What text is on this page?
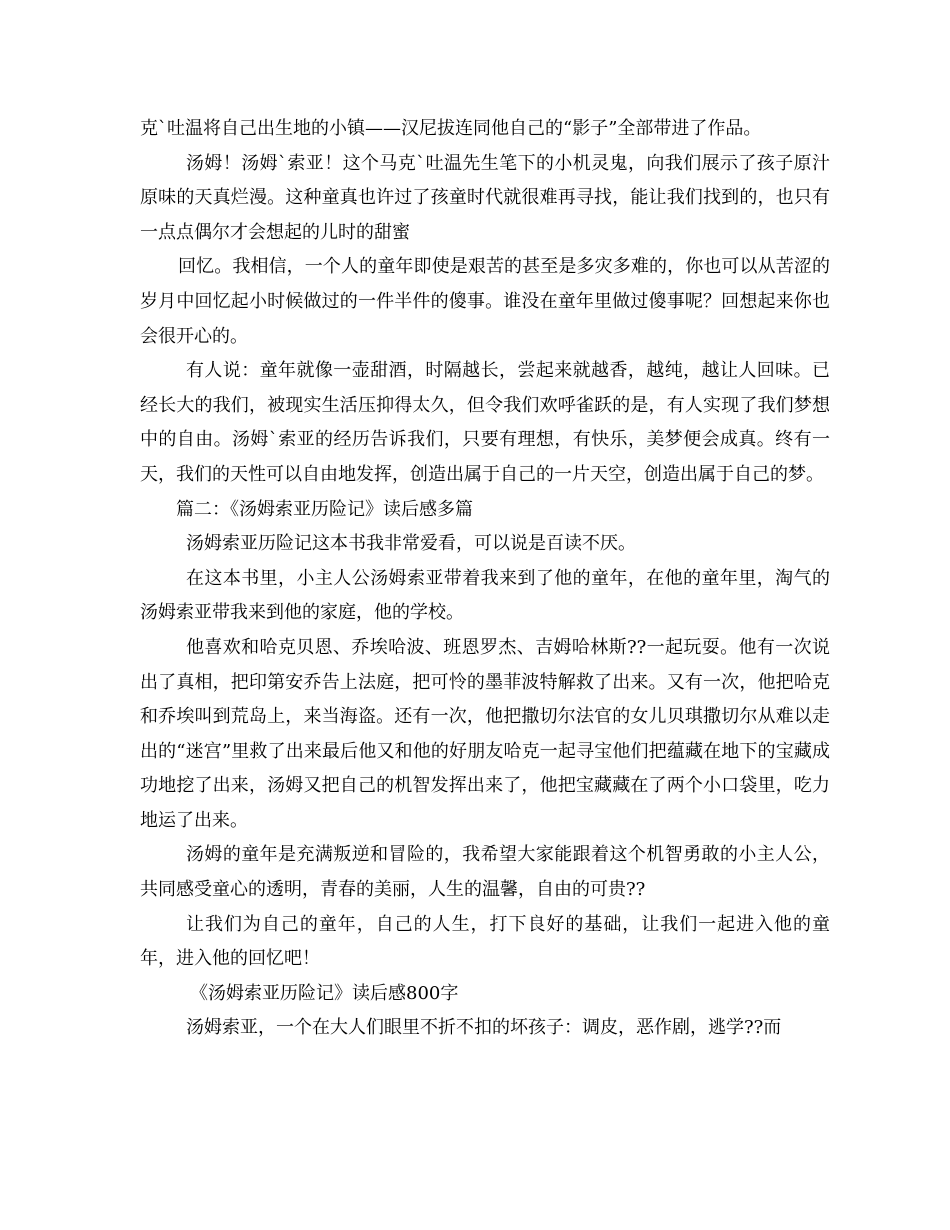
克`吐温将自己出生地的小镇——汉尼拔连同他自己的“影子”全部带进了作品。

汤姆！汤姆`索亚！这个马克`吐温先生笔下的小机灵鬼，向我们展示了孩子原汁原味的天真烂漫。这种童真也许过了孩童时代就很难再寻找，能让我们找到的，也只有一点点偶尔才会想起的儿时的甜蜜

回忆。我相信，一个人的童年即使是艰苦的甚至是多灾多难的，你也可以从苦涩的岁月中回忆起小时候做过的一件半件的傻事。谁没在童年里做过傻事呢？回想起来你也会很开心的。

有人说：童年就像一壶甜酒，时隔越长，尝起来就越香，越纯，越让人回味。已经长大的我们，被现实生活压抑得太久，但令我们欢呼雀跃的是，有人实现了我们梦想中的自由。汤姆`索亚的经历告诉我们，只要有理想，有快乐，美梦便会成真。终有一天，我们的天性可以自由地发挥，创造出属于自己的一片天空，创造出属于自己的梦。

篇二：《汤姆索亚历险记》读后感多篇

汤姆索亚历险记这本书我非常爱看，可以说是百读不厌。

在这本书里，小主人公汤姆索亚带着我来到了他的童年，在他的童年里，淘气的汤姆索亚带我来到他的家庭，他的学校。

他喜欢和哈克贝恩、乔埃哈波、班恩罗杰、吉姆哈林斯??一起玩耍。他有一次说出了真相，把印第安乔告上法庭，把可怜的墨菲波特解救了出来。又有一次，他把哈克和乔埃叫到荒岛上，来当海盗。还有一次，他把撒切尔法官的女儿贝琪撒切尔从难以走出的“迷宫”里救了出来最后他又和他的好朋友哈克一起寻宝他们把蕴藏在地下的宝藏成功地挖了出来，汤姆又把自己的机智发挥出来了，他把宝藏藏在了两个小口袋里，吃力地运了出来。

汤姆的童年是充满叛逆和冒险的，我希望大家能跟着这个机智勇敢的小主人公，共同感受童心的透明，青春的美丽，人生的温馨，自由的可贵??

让我们为自己的童年，自己的人生，打下良好的基础，让我们一起进入他的童年，进入他的回忆吧！

《汤姆索亚历险记》读后感800字

汤姆索亚，一个在大人们眼里不折不扣的坏孩子：调皮，恶作剧，逃学??而
